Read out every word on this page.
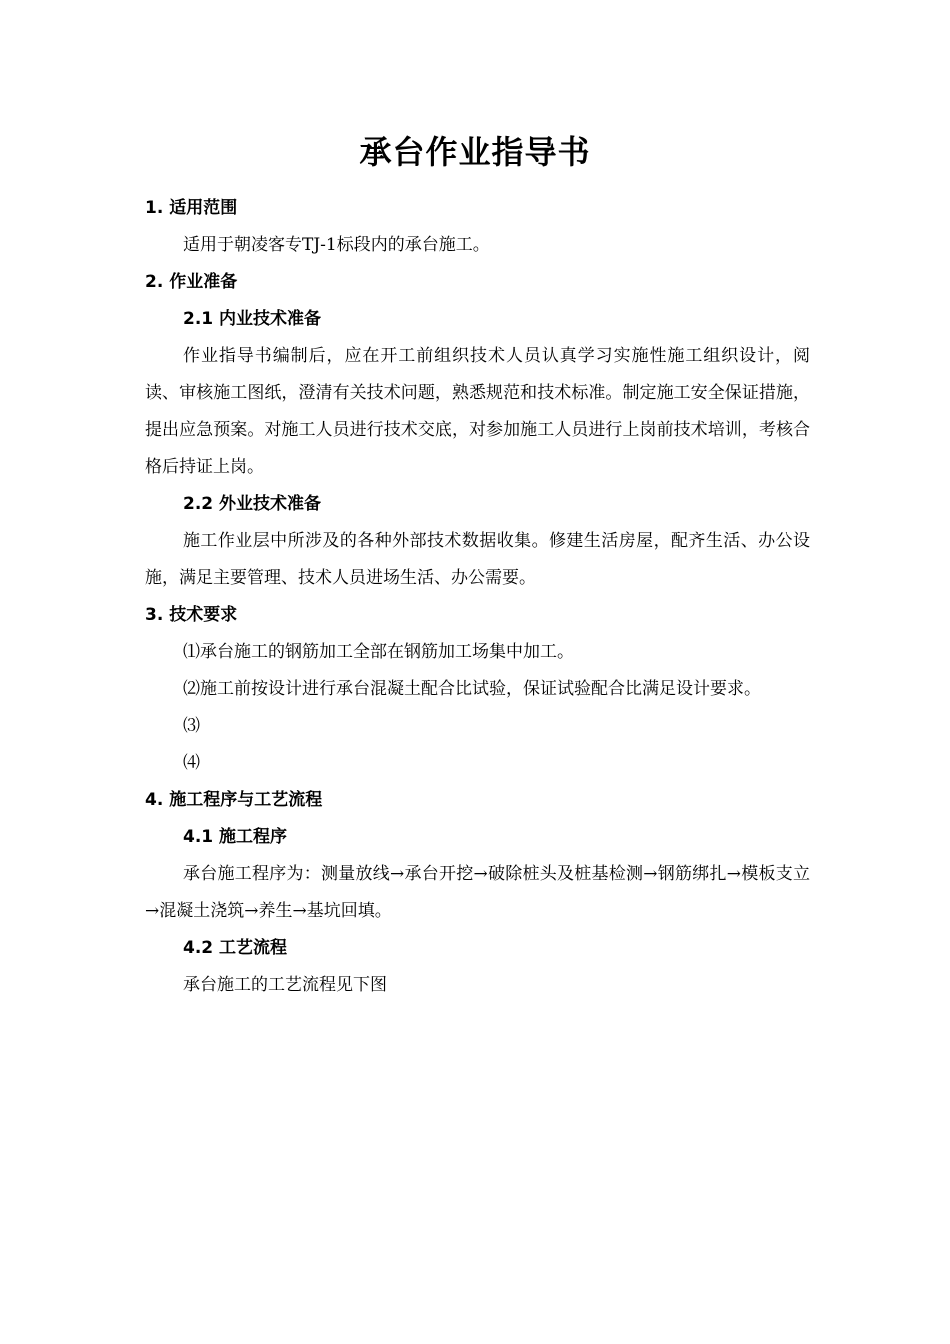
承台作业指导书
1. 适用范围

适用于朝凌客专TJ-1标段内的承台施工。

2. 作业准备
2.1 内业技术准备

作业指导书编制后，应在开工前组织技术人员认真学习实施性施工组织设计，阅读、审核施工图纸，澄清有关技术问题，熟悉规范和技术标准。制定施工安全保证措施，提出应急预案。对施工人员进行技术交底，对参加施工人员进行上岗前技术培训，考核合格后持证上岗。

2.2 外业技术准备

施工作业层中所涉及的各种外部技术数据收集。修建生活房屋，配齐生活、办公设施，满足主要管理、技术人员进场生活、办公需要。

3. 技术要求

⑴承台施工的钢筋加工全部在钢筋加工场集中加工。

⑵施工前按设计进行承台混凝土配合比试验，保证试验配合比满足设计要求。

⑶

⑷

4. 施工程序与工艺流程
4.1 施工程序

承台施工程序为：测量放线→承台开挖→破除桩头及桩基检测→钢筋绑扎→模板支立→混凝土浇筑→养生→基坑回填。

4.2 工艺流程

承台施工的工艺流程见下图
